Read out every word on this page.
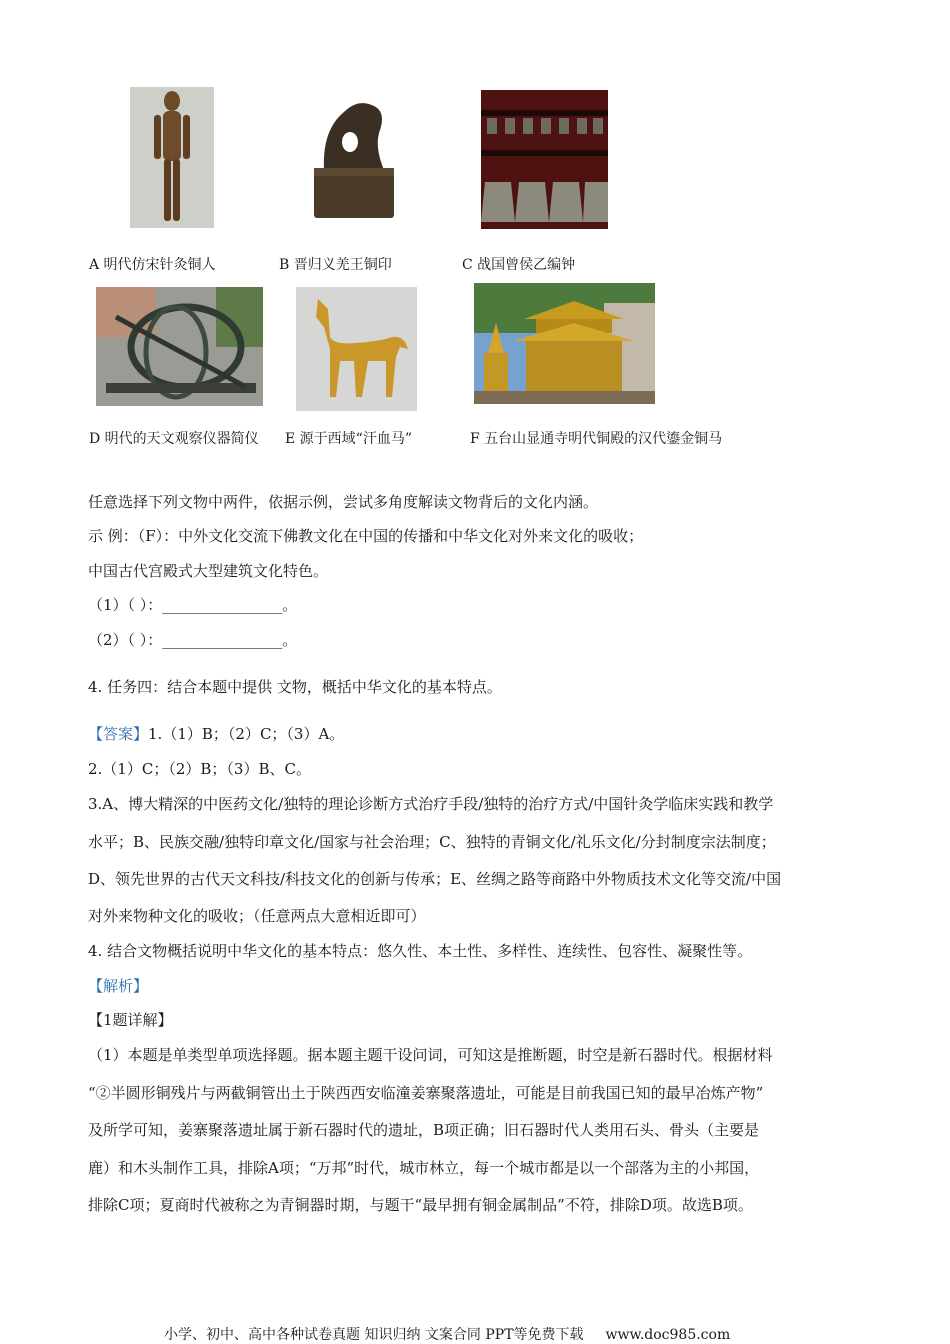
A 明代仿宋针灸铜人	B 晋归义羌王铜印	C 战国曾侯乙编钟
D 明代的天文观察仪器简仪 E 源于西域“汗血马”	F 五台山显通寺明代铜殿的汉代鎏金铜马
任意选择下列文物中两件，依据示例，尝试多角度解读文物背后的文化内涵。
示 例：（F）：中外文化交流下佛教文化在中国的传播和中华文化对外来文化的吸收；
中国古代宫殿式大型建筑文化特色。
（1）（ ）：________________。
（2）（ ）：________________。
4. 任务四：结合本题中提供 文物，概括中华文化的基本特点。
【答案】1.（1）B；（2）C；（3）A。
2.（1）C；（2）B；（3）B、C。
3.A、博大精深的中医药文化/独特的理论诊断方式治疗手段/独特的治疗方式/中国针灸学临床实践和教学
水平；B、民族交融/独特印章文化/国家与社会治理；C、独特的青铜文化/礼乐文化/分封制度宗法制度；
D、领先世界的古代天文科技/科技文化的创新与传承；E、丝绸之路等商路中外物质技术文化等交流/中国
对外来物种文化的吸收；（任意两点大意相近即可）
4. 结合文物概括说明中华文化的基本特点：悠久性、本土性、多样性、连续性、包容性、凝聚性等。
【解析】
【1题详解】
（1）本题是单类型单项选择题。据本题主题干设问词，可知这是推断题，时空是新石器时代。根据材料
“②半圆形铜残片与两截铜管出土于陕西西安临潼姜寨聚落遗址，可能是目前我国已知的最早冶炼产物”
及所学可知，姜寨聚落遗址属于新石器时代的遗址，B项正确；旧石器时代人类用石头、骨头（主要是
鹿）和木头制作工具，排除A项；“万邦”时代，城市林立，每一个城市都是以一个部落为主的小邦国，
排除C项；夏商时代被称之为青铜器时期，与题干“最早拥有铜金属制品”不符，排除D项。故选B项。
小学、初中、高中各种试卷真题 知识归纳 文案合同 PPT等免费下载 www.doc985.com
